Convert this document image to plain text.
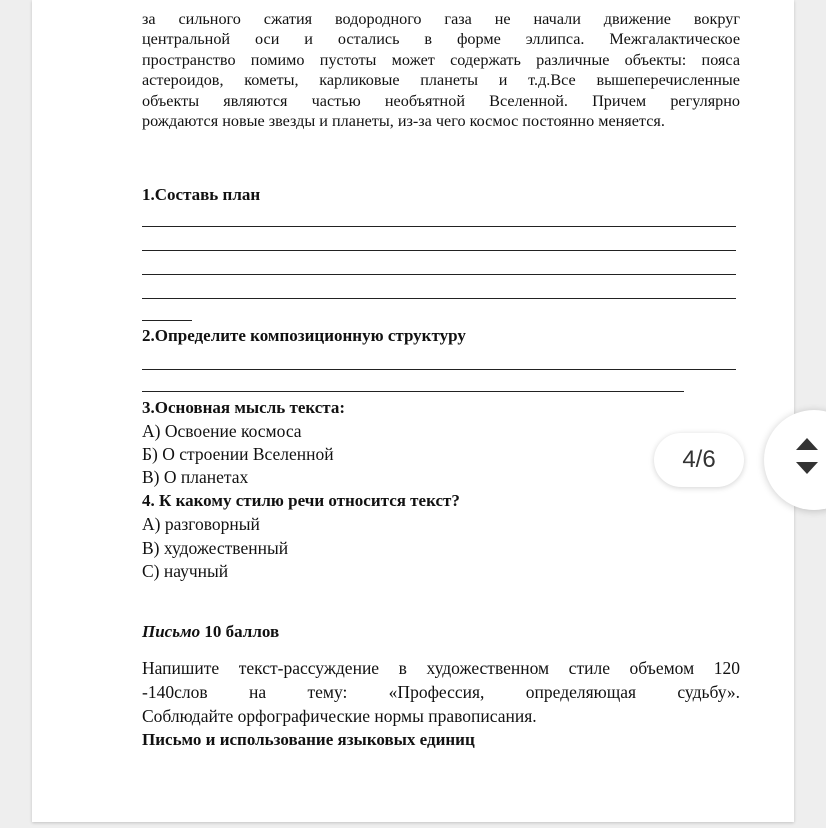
за сильного сжатия водородного газа не начали движение вокруг
центральной оси и остались в форме эллипса. Межгалактическое
пространство помимо пустоты может содержать различные объекты: пояса
астероидов, кометы, карликовые планеты и т.д.Все вышеперечисленные
объекты являются частью необъятной Вселенной. Причем регулярно
рождаются новые звезды и планеты, из-за чего космос постоянно меняется.
1.Составь план
2.Определите композиционную структуру
3.Основная мысль текста:
А) Освоение космоса
Б) О строении Вселенной
В) О планетах
4. К какому стилю речи относится текст?
А) разговорный
В) художественный
С) научный
Письмо 10 баллов
Напишите текст-рассуждение в художественном стиле объемом 120
-140слов на тему: «Профессия, определяющая судьбу».
Соблюдайте орфографические нормы правописания.
Письмо и использование языковых единиц
4/6
